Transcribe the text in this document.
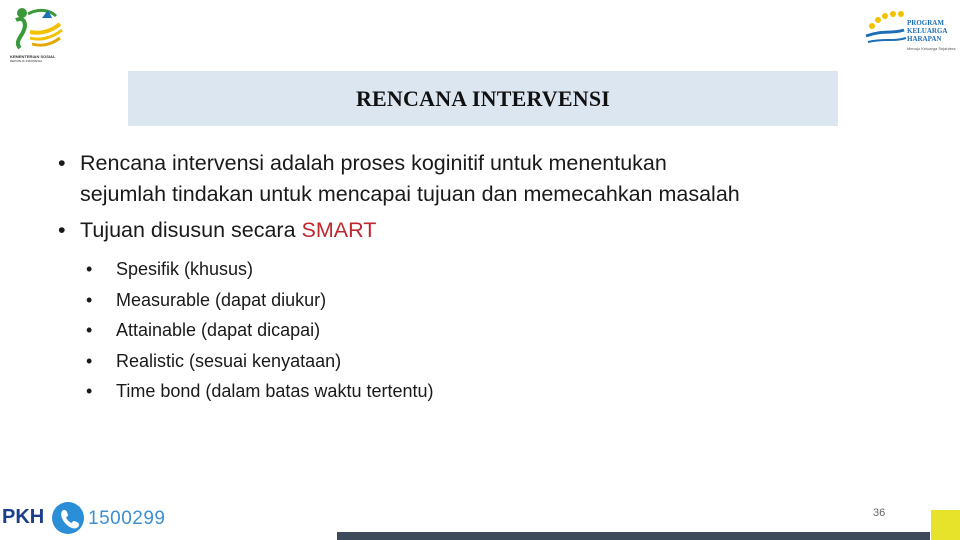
KEMENTERIAN SOSIAL
REPUBLIK INDONESIA
PROGRAM
KELUARGA
HARAPAN
Menuju Keluarga Sejahtera
RENCANA INTERVENSI

• Rencana intervensi adalah proses koginitif untuk menentukan
sejumlah tindakan untuk mencapai tujuan dan memecahkan masalah

• Tujuan disusun secara SMART

• Spesifik (khusus)
• Measurable (dapat diukur)
• Attainable (dapat dicapai)
• Realistic (sesuai kenyataan)
• Time bond (dalam batas waktu tertentu)
PKH 1500299	36
